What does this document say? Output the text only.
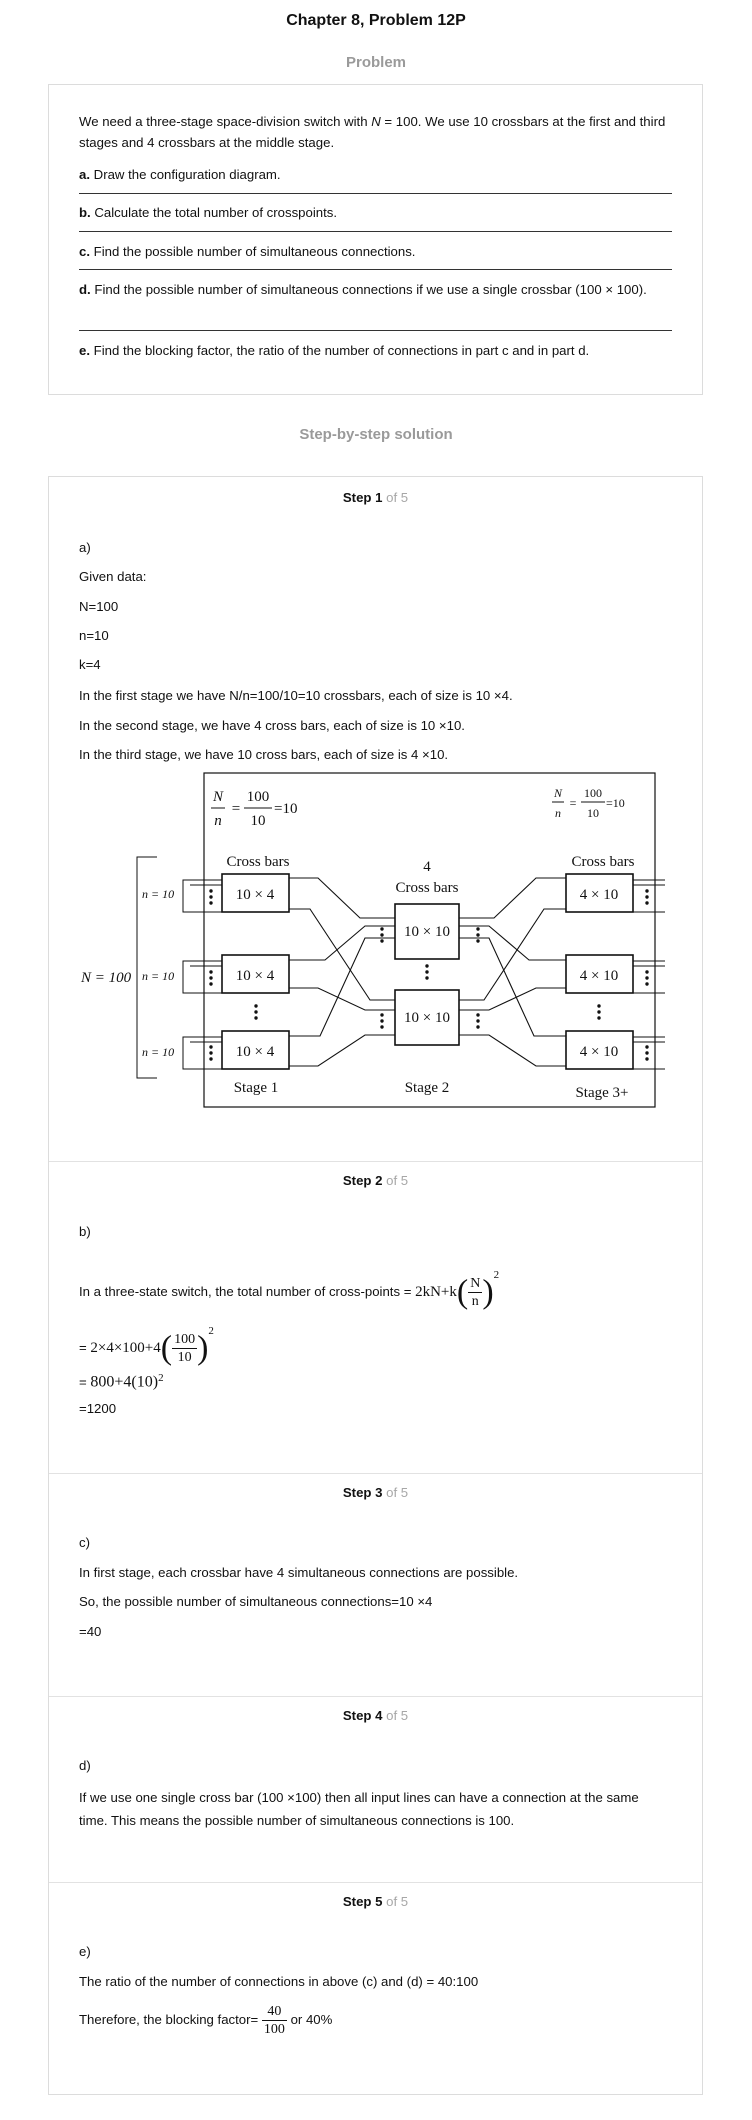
Chapter 8, Problem 12P
Problem
We need a three-stage space-division switch with N = 100. We use 10 crossbars at the first and third stages and 4 crossbars at the middle stage.
a. Draw the configuration diagram.
b. Calculate the total number of crosspoints.
c. Find the possible number of simultaneous connections.
d. Find the possible number of simultaneous connections if we use a single crossbar (100 × 100).
e. Find the blocking factor, the ratio of the number of connections in part c and in part d.
Step-by-step solution
Step 1 of 5
a)
Given data:
N=100
n=10
k=4
In the first stage we have N/n=100/10=10 crossbars, each of size is 10 ×4.
In the second stage, we have 4 cross bars, each of size is 10 ×10.
In the third stage, we have 10 cross bars, each of size is 4 ×10.
N
n
=
100
10
=10
N
n
=
100
10
=10
Cross bars	4
Cross bars
Cross bars
N = 100
n = 10
n = 10
n = 10
10 × 4
10 × 4
10 × 4
10 × 10
10 × 10
4 × 10
4 × 10
4 × 10
Stage 1	Stage 2	Stage 3+
Step 2 of 5
b)
In a three-state switch, the total number of cross-points = $2kN+k( \frac{N}{n} )^2$
= $2\times 4\times 100+4( \frac{100}{10} )^2$
= $800+4(10)^2$
=1200
Step 3 of 5
c)
In first stage, each crossbar have 4 simultaneous connections are possible.
So, the possible number of simultaneous connections=10 ×4
=40
Step 4 of 5
d)
If we use one single cross bar (100 ×100) then all input lines can have a connection at the same time. This means the possible number of simultaneous connections is 100.
Step 5 of 5
e)
The ratio of the number of connections in above (c) and (d) = 40:100
Therefore, the blocking factor= $\frac{40}{100}$ or 40%
